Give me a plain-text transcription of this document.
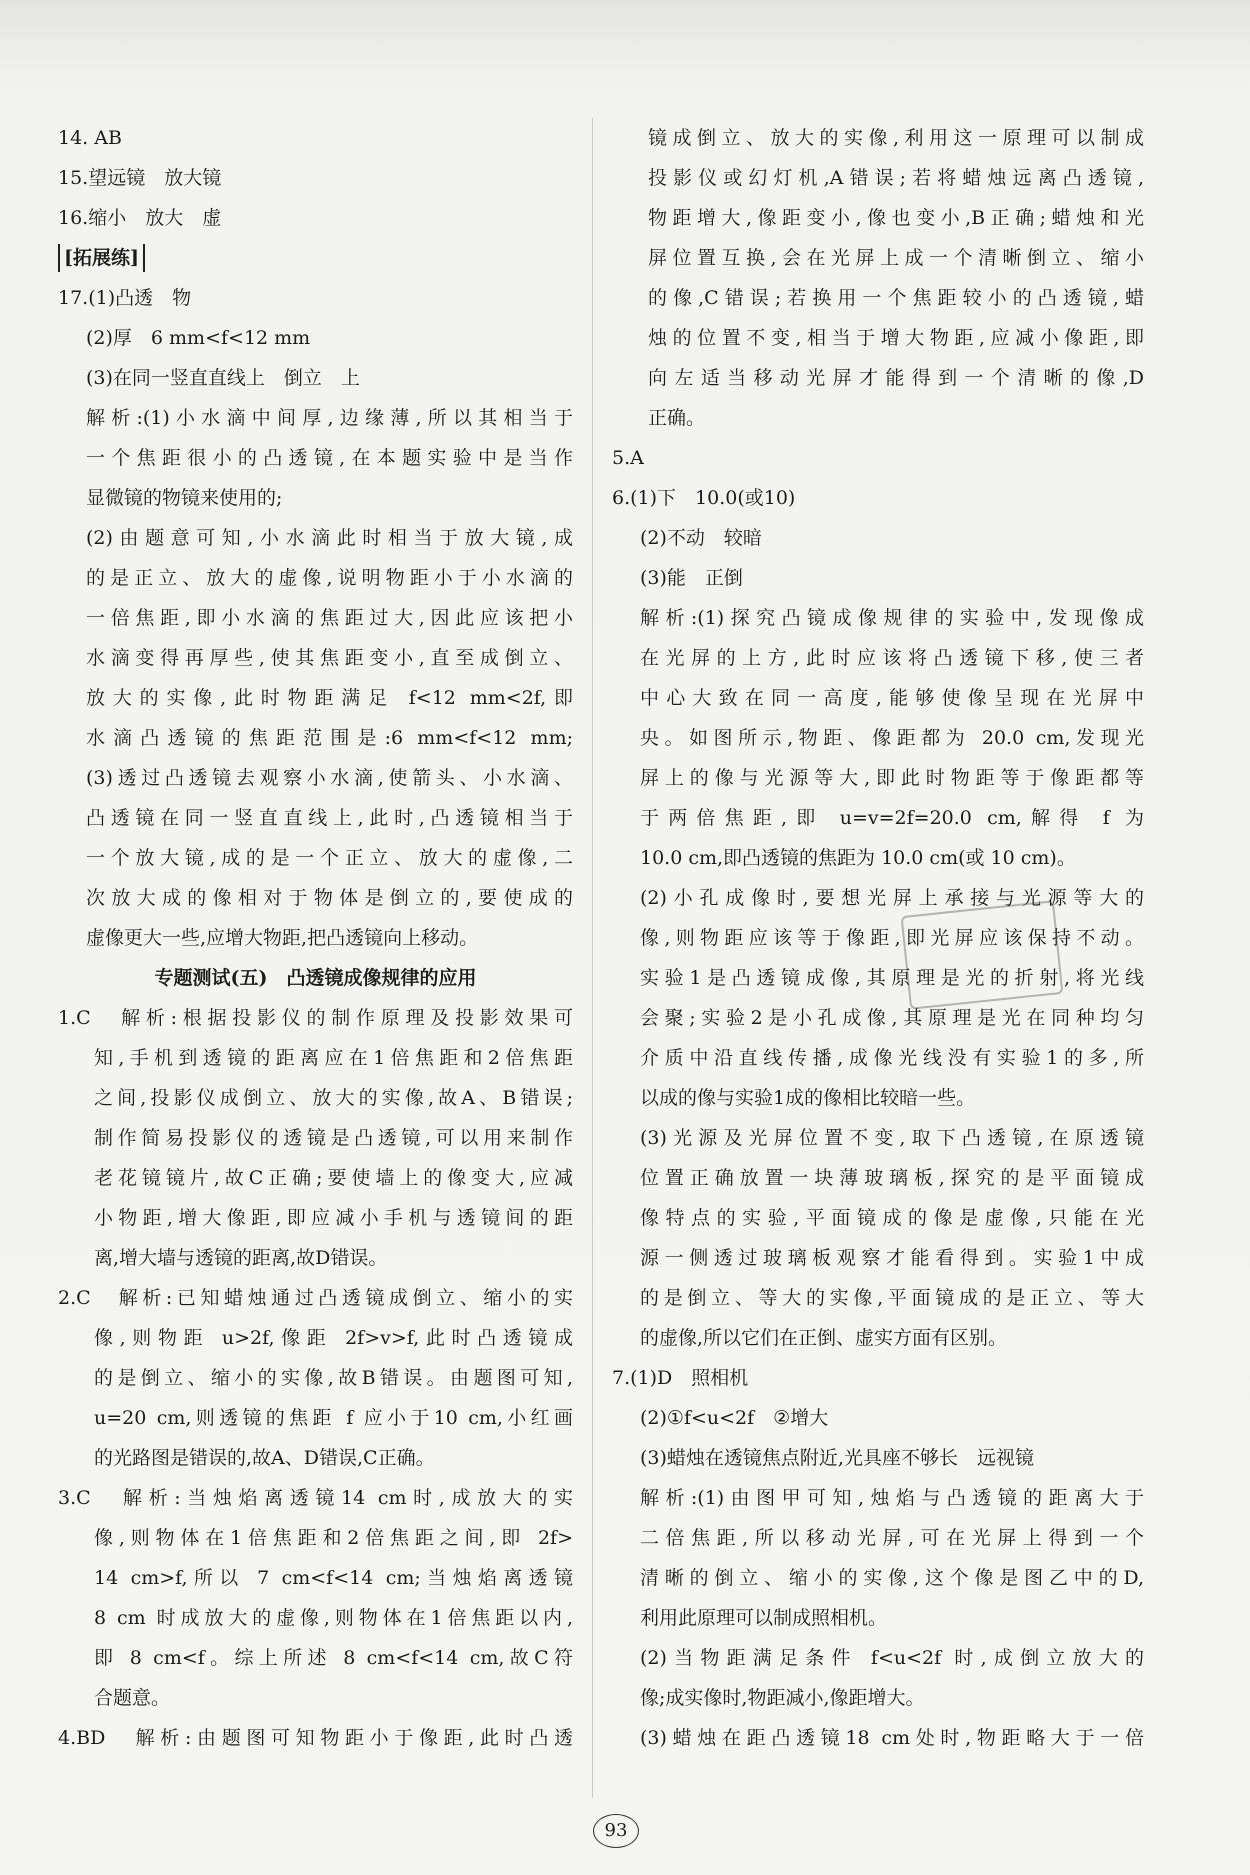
14. AB
15.望远镜　放大镜
16.缩小　放大　虚
[拓展练]
17.(1)凸透　物
(2)厚　6 mm<f<12 mm
(3)在同一竖直直线上　倒立　上
解析:(1)小水滴中间厚,边缘薄,所以其相当于
一个焦距很小的凸透镜,在本题实验中是当作
显微镜的物镜来使用的;
(2)由题意可知,小水滴此时相当于放大镜,成
的是正立、放大的虚像,说明物距小于小水滴的
一倍焦距,即小水滴的焦距过大,因此应该把小
水滴变得再厚些,使其焦距变小,直至成倒立、
放大的实像,此时物距满足 f<12 mm<2f,即
水滴凸透镜的焦距范围是:6 mm<f<12 mm;
(3)透过凸透镜去观察小水滴,使箭头、小水滴、
凸透镜在同一竖直直线上,此时,凸透镜相当于
一个放大镜,成的是一个正立、放大的虚像,二
次放大成的像相对于物体是倒立的,要使成的
虚像更大一些,应增大物距,把凸透镜向上移动。
专题测试(五)　凸透镜成像规律的应用
1.C　解析:根据投影仪的制作原理及投影效果可
知,手机到透镜的距离应在1倍焦距和2倍焦距
之间,投影仪成倒立、放大的实像,故A、B错误;
制作简易投影仪的透镜是凸透镜,可以用来制作
老花镜镜片,故C正确;要使墙上的像变大,应减
小物距,增大像距,即应减小手机与透镜间的距
离,增大墙与透镜的距离,故D错误。
2.C　解析:已知蜡烛通过凸透镜成倒立、缩小的实
像,则物距 u>2f,像距 2f>v>f,此时凸透镜成
的是倒立、缩小的实像,故B错误。由题图可知,
u=20 cm,则透镜的焦距 f 应小于10 cm,小红画
的光路图是错误的,故A、D错误,C正确。
3.C　解析:当烛焰离透镜14 cm时,成放大的实
像,则物体在1倍焦距和2倍焦距之间,即 2f>
14 cm>f,所以 7 cm<f<14 cm;当烛焰离透镜
8 cm 时成放大的虚像,则物体在1倍焦距以内,
即 8 cm<f。综上所述 8 cm<f<14 cm,故C符
合题意。
4.BD　解析:由题图可知物距小于像距,此时凸透
镜成倒立、放大的实像,利用这一原理可以制成
投影仪或幻灯机,A错误;若将蜡烛远离凸透镜,
物距增大,像距变小,像也变小,B正确;蜡烛和光
屏位置互换,会在光屏上成一个清晰倒立、缩小
的像,C错误;若换用一个焦距较小的凸透镜,蜡
烛的位置不变,相当于增大物距,应减小像距,即
向左适当移动光屏才能得到一个清晰的像,D
正确。
5.A
6.(1)下　10.0(或10)
(2)不动　较暗
(3)能　正倒
解析:(1)探究凸镜成像规律的实验中,发现像成
在光屏的上方,此时应该将凸透镜下移,使三者
中心大致在同一高度,能够使像呈现在光屏中
央。如图所示,物距、像距都为 20.0 cm,发现光
屏上的像与光源等大,即此时物距等于像距都等
于两倍焦距,即 u=v=2f=20.0 cm,解得 f 为
10.0 cm,即凸透镜的焦距为 10.0 cm(或 10 cm)。
(2)小孔成像时,要想光屏上承接与光源等大的
像,则物距应该等于像距,即光屏应该保持不动。
实验1是凸透镜成像,其原理是光的折射,将光线
会聚;实验2是小孔成像,其原理是光在同种均匀
介质中沿直线传播,成像光线没有实验1的多,所
以成的像与实验1成的像相比较暗一些。
(3)光源及光屏位置不变,取下凸透镜,在原透镜
位置正确放置一块薄玻璃板,探究的是平面镜成
像特点的实验,平面镜成的像是虚像,只能在光
源一侧透过玻璃板观察才能看得到。实验1中成
的是倒立、等大的实像,平面镜成的是正立、等大
的虚像,所以它们在正倒、虚实方面有区别。
7.(1)D　照相机
(2)①f<u<2f　②增大
(3)蜡烛在透镜焦点附近,光具座不够长　远视镜
解析:(1)由图甲可知,烛焰与凸透镜的距离大于
二倍焦距,所以移动光屏,可在光屏上得到一个
清晰的倒立、缩小的实像,这个像是图乙中的D,
利用此原理可以制成照相机。
(2)当物距满足条件 f<u<2f 时,成倒立放大的
像;成实像时,物距减小,像距增大。
(3)蜡烛在距凸透镜18 cm处时,物距略大于一倍
93
